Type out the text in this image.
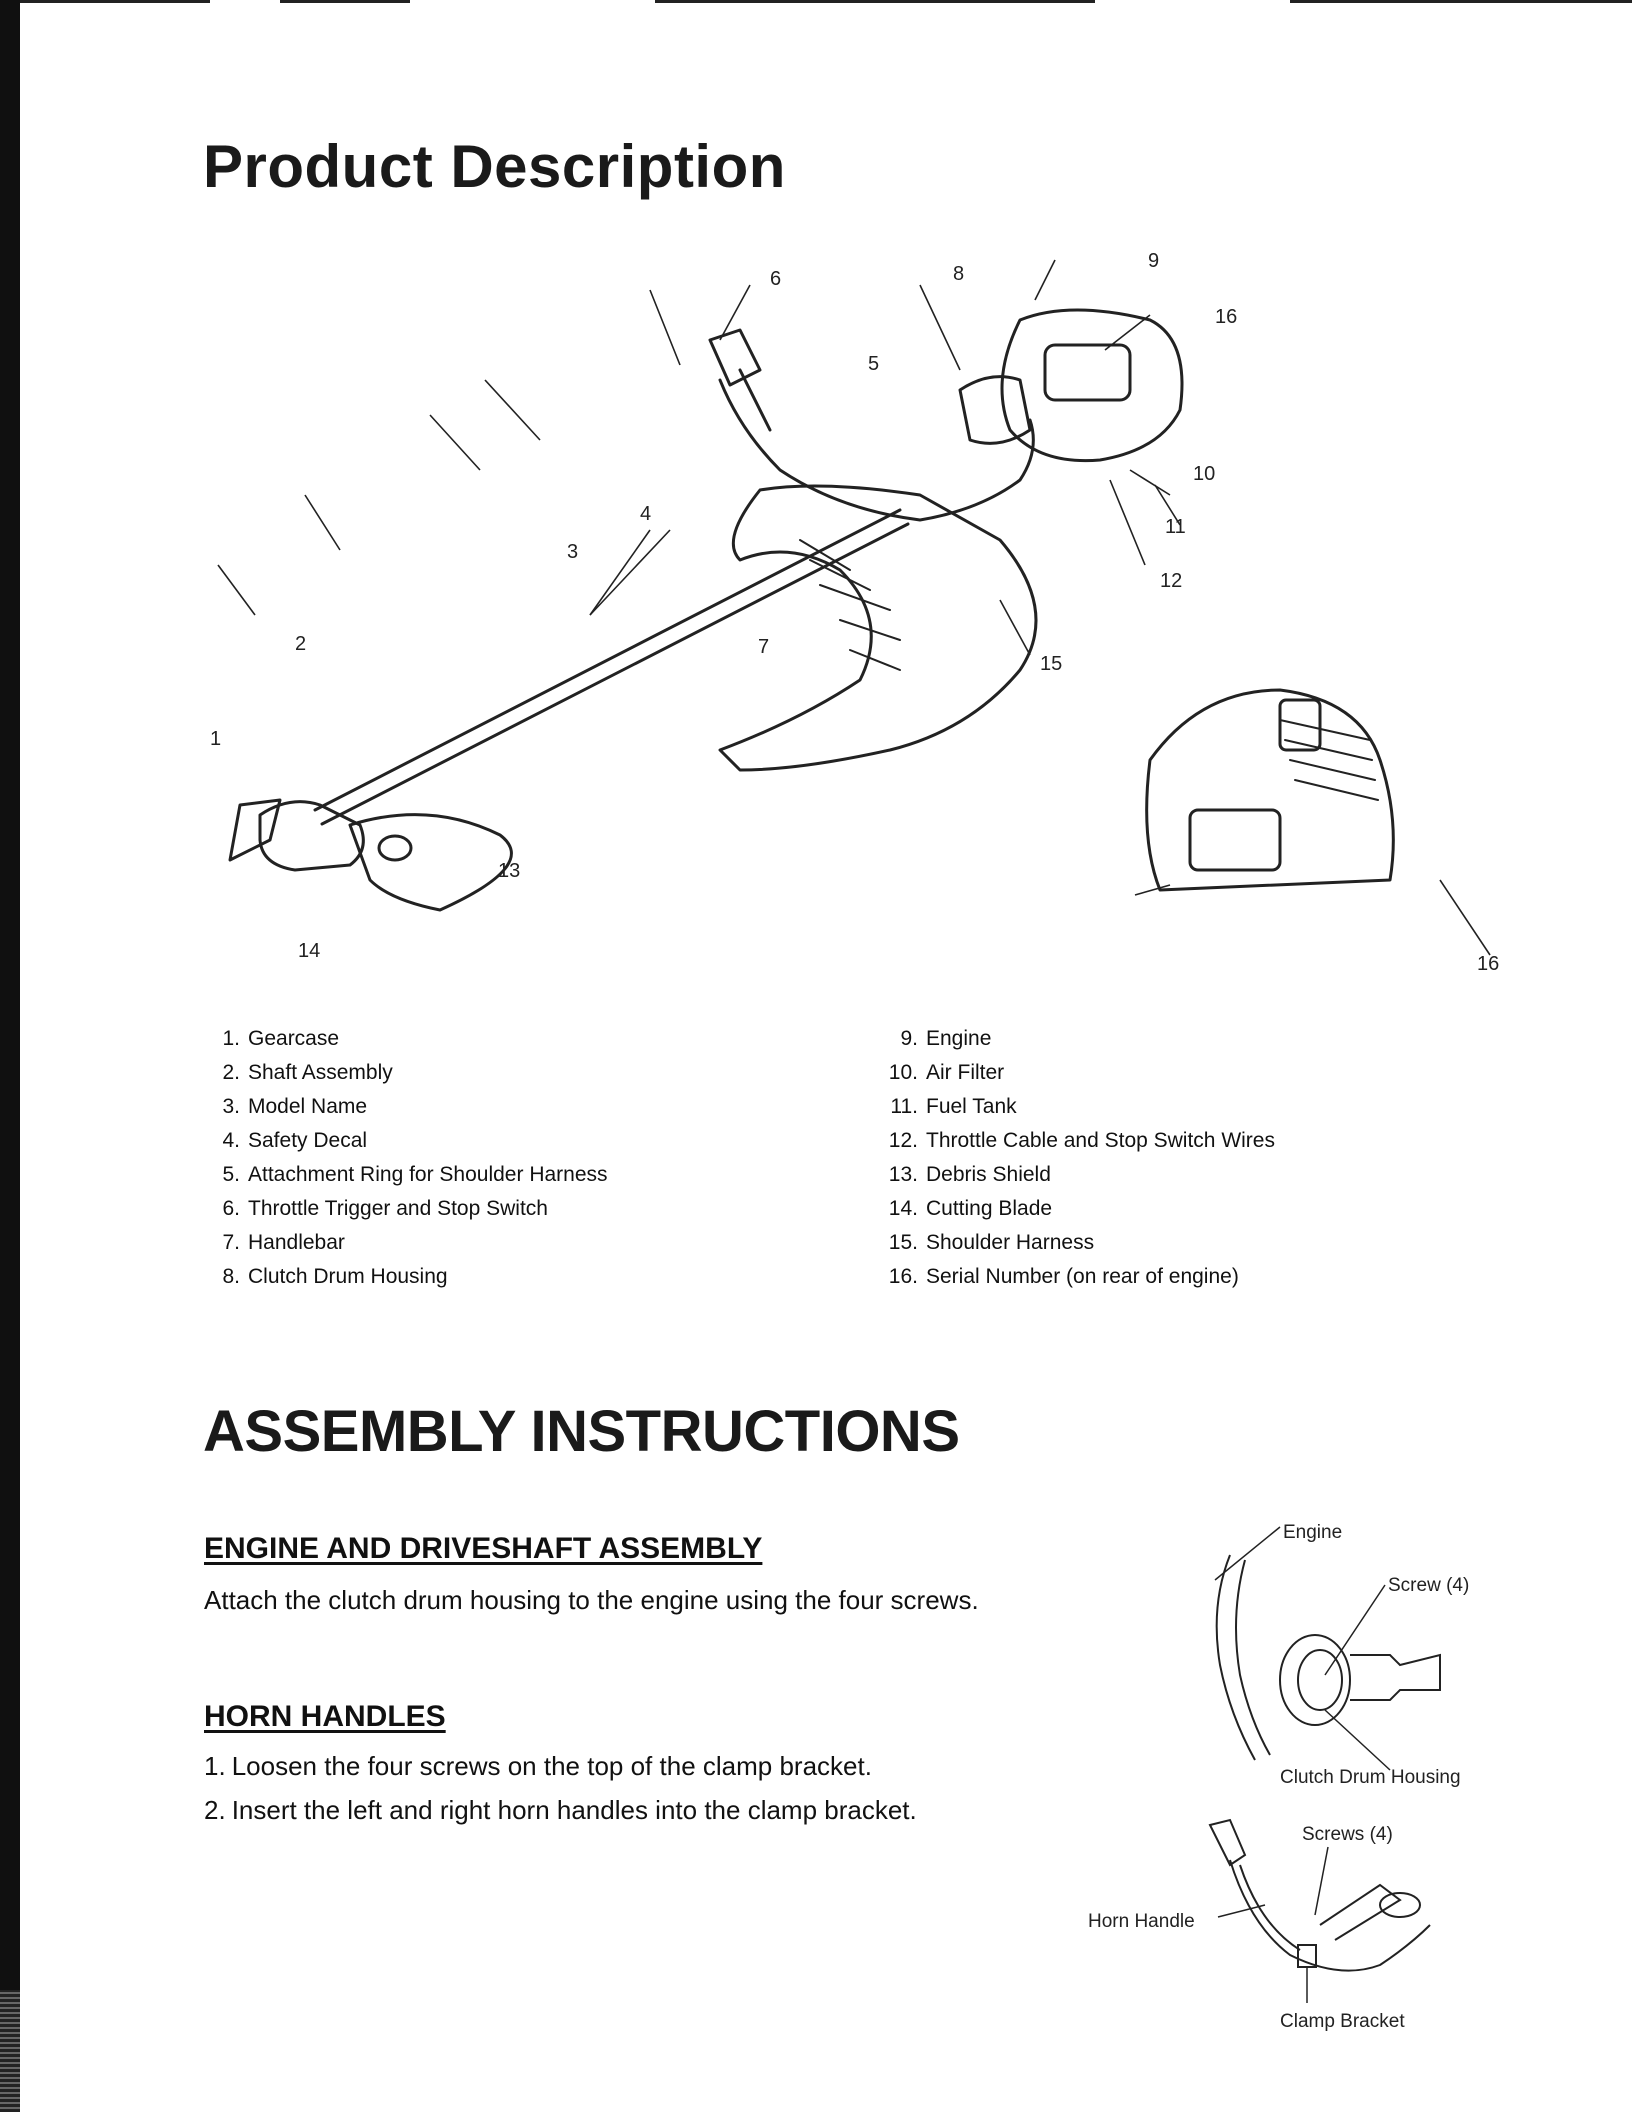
Product Description
1
2
3
4
5
6
7
8
9
10
11
12
13
14
15
16
16
1. Gearcase
2. Shaft Assembly
3. Model Name
4. Safety Decal
5. Attachment Ring for Shoulder Harness
6. Throttle Trigger and Stop Switch
7. Handlebar
8. Clutch Drum Housing
9. Engine
10. Air Filter
11. Fuel Tank
12. Throttle Cable and Stop Switch Wires
13. Debris Shield
14. Cutting Blade
15. Shoulder Harness
16. Serial Number (on rear of engine)
ASSEMBLY INSTRUCTIONS
ENGINE AND DRIVESHAFT ASSEMBLY

Attach the clutch drum housing to the engine using the four screws.

HORN HANDLES
1. Loosen the four screws on the top of the clamp bracket.
2. Insert the left and right horn handles into the clamp bracket.
Engine
Screw (4)
Clutch Drum Housing
Screws (4)
Horn Handle
Clamp Bracket
